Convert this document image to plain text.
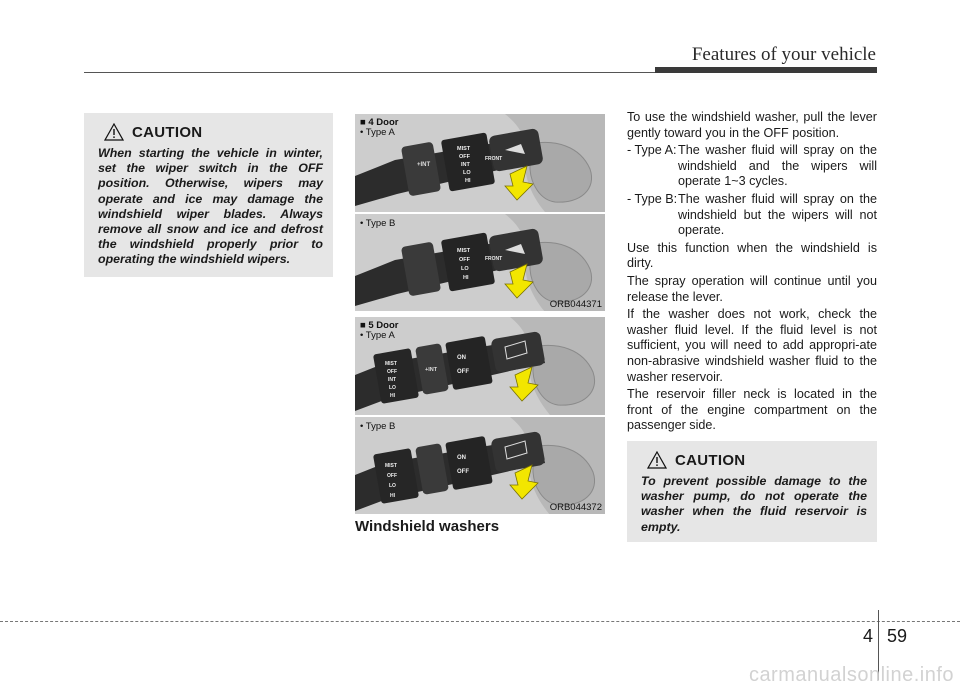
Features of your vehicle
CAUTION
When starting the vehicle in winter, set the wiper switch in the OFF position. Otherwise, wipers may operate and ice may damage the windshield wiper blades. Always remove all snow and ice and defrost the windshield properly prior to operating the windshield wipers.
+INT
MIST
OFF
INT
LO
HI
FRONT
■ 4 Door
• Type A
MIST
OFF
LO
HI
FRONT
• Type B
ORB044371
MIST
OFF
INT
LO
HI
+INT
ON
OFF
■ 5 Door
• Type A
MIST
OFF
LO
HI
ON
OFF
• Type B
ORB044372
Windshield washers

To use the windshield washer, pull the lever gently toward you in the OFF position.

- Type A: The washer fluid will spray on the windshield and the wipers will operate 1~3 cycles.
- Type B: The washer fluid will spray on the windshield but the wipers will not operate.

Use this function when the windshield is dirty.

The spray operation will continue until you release the lever.

If the washer does not work, check the washer fluid level. If the fluid level is not sufficient, you will need to add appropri-ate non-abrasive windshield washer fluid to the washer reservoir.

The reservoir filler neck is located in the front of the engine compartment on the passenger side.

CAUTION
To prevent possible damage to the washer pump, do not operate the washer when the fluid reservoir is empty.
4 59
carmanualsonline.info
